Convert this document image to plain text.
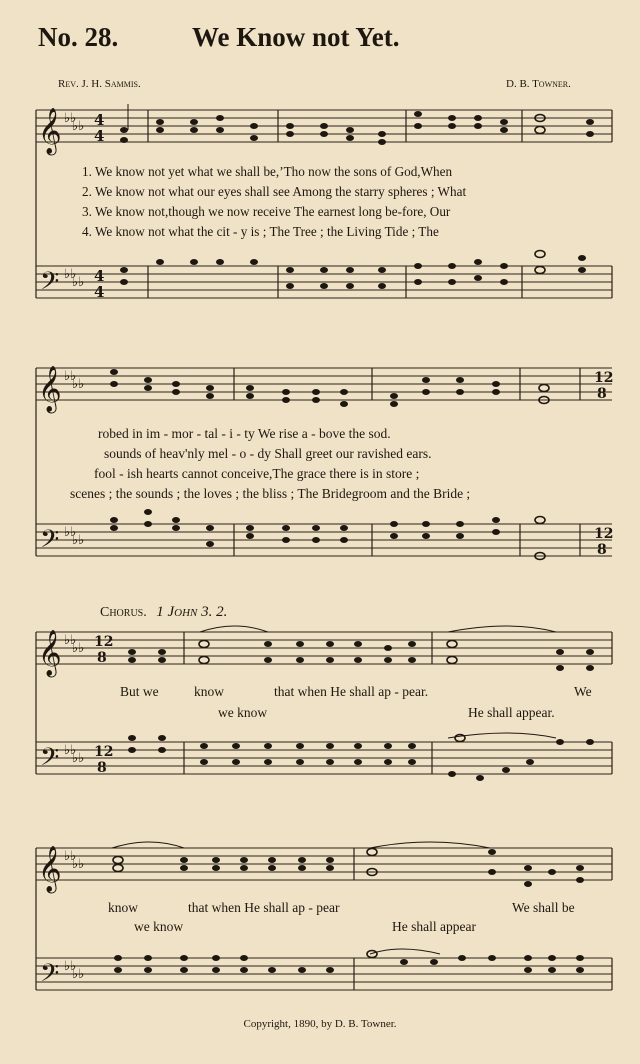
No. 28.	We Know not Yet.
Rev. J. H. Sammis.	D. B. Towner.
𝄞
𝄢
♭♭
♭♭
♭♭
♭♭
4
4
4
4
1. We know not yet what we shall be,’Tho now the sons of God,When
2. We know not what our eyes shall see Among the starry spheres ; What
3. We know not,though we now receive The earnest long be-fore, Our
4. We know not what the cit - y is ; The Tree ; the Living Tide ; The
𝄞
𝄢
♭♭
♭♭
♭♭
♭♭
12
8
12
8
robed in im - mor - tal - i - ty We rise a - bove the sod.
sounds of heav'nly mel - o - dy Shall greet our ravished ears.
fool - ish hearts cannot conceive,The grace there is in store ;
scenes ; the sounds ; the loves ; the bliss ; The Bridegroom and the Bride ;
Chorus. 1 John 3. 2.
𝄞
𝄢
♭♭
♭♭
♭♭
♭♭
12
8
12
8
But we	know	that when He shall ap - pear.	We
we know	He shall appear.
𝄞
𝄢
♭♭
♭♭
♭♭
♭♭
know	that when He shall ap - pear	We shall be
we know	He shall appear
Copyright, 1890, by D. B. Towner.
